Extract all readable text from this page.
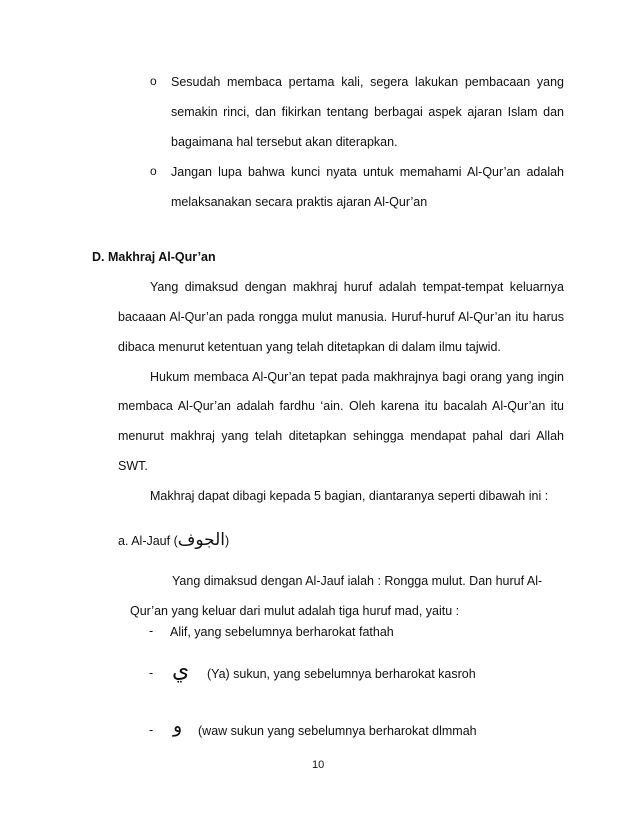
o Sesudah membaca pertama kali, segera lakukan pembacaan yang
semakin rinci, dan fikirkan tentang berbagai aspek ajaran Islam dan
bagaimana hal tersebut akan diterapkan.
o Jangan lupa bahwa kunci nyata untuk memahami Al-Qur’an adalah
melaksanakan secara praktis ajaran Al-Qur’an
D. Makhraj Al-Qur’an
Yang dimaksud dengan makhraj huruf adalah tempat-tempat keluarnya
bacaaan Al-Qur’an pada rongga mulut manusia. Huruf-huruf Al-Qur’an itu harus
dibaca menurut ketentuan yang telah ditetapkan di dalam ilmu tajwid.
Hukum membaca Al-Qur’an tepat pada makhrajnya bagi orang yang ingin
membaca Al-Qur’an adalah fardhu ‘ain. Oleh karena itu bacalah Al-Qur’an itu
menurut makhraj yang telah ditetapkan sehingga mendapat pahal dari Allah
SWT.
Makhraj dapat dibagi kepada 5 bagian, diantaranya seperti dibawah ini :
a. Al-Jauf (الجوف)
Yang dimaksud dengan Al-Jauf ialah : Rongga mulut. Dan huruf Al-
Qur’an yang keluar dari mulut adalah tiga huruf mad, yaitu :
- Alif, yang sebelumnya berharokat fathah
- ي (Ya) sukun, yang sebelumnya berharokat kasroh
- و (waw sukun yang sebelumnya berharokat dlmmah
10
